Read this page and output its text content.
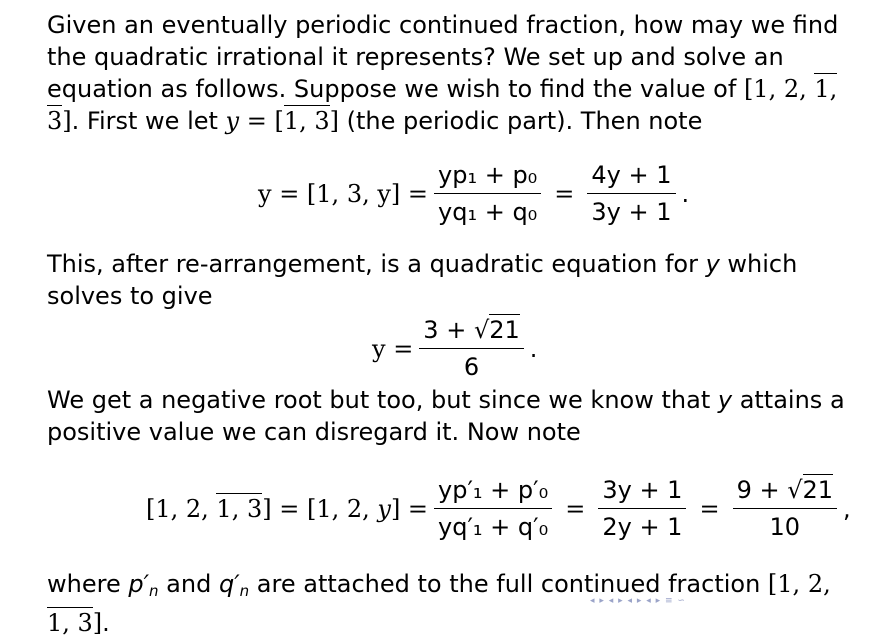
Given an eventually periodic continued fraction, how may we find the quadratic irrational it represents? We set up and solve an equation as follows. Suppose we wish to find the value of [1, 2, 1, 3]. First we let y = [1, 3] (the periodic part). Then note
y = [1, 3, $y] = \frac{\text{yp₁ + p₀}}{\text{yq₁ + q₀}} = \frac{4y + 1}{3y + 1}$ .
This, after re-arrangement, is a quadratic equation for y which solves to give
$y = \frac{3 + √21}{6}$ .
We get a negative root but too, but since we know that y attains a positive value we can disregard it. Now note
[1, 2, 1, 3] = [1, 2, $y] = \frac{\text{yp′₁ + p′₀}}{\text{yq′₁ + q′₀}} = \frac{3y + 1}{2y + 1} = \frac{9 + √21}{10}$ ,
where $p'_n$ and $q'_n$ are attached to the full continued fraction [1, 2, 1, 3].
◂ ▸ ◂ ▸ ◂ ▸ ◂ ▸ ≡ ∽
